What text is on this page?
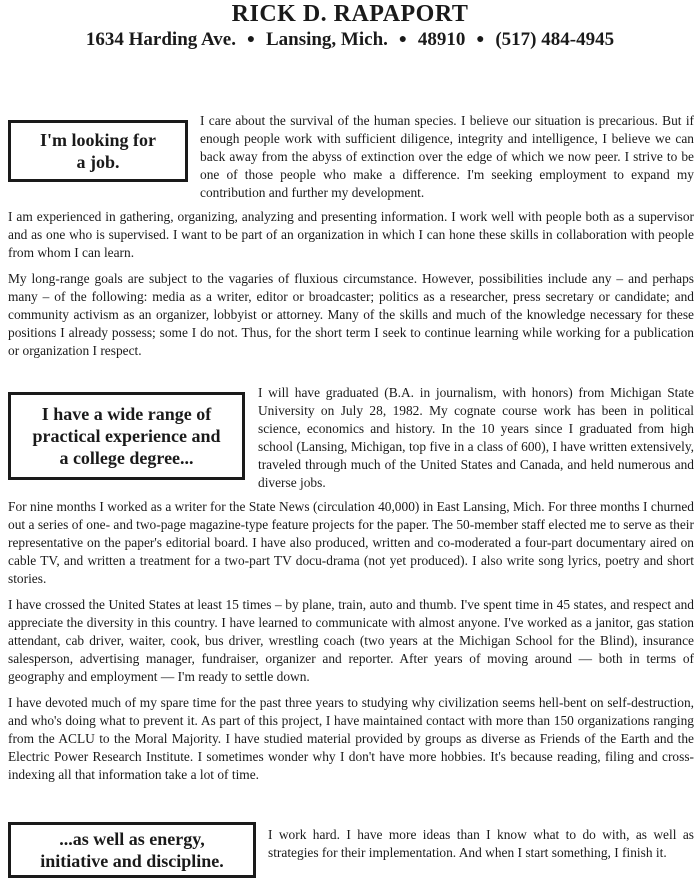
RICK D. RAPAPORT
1634 Harding Ave. ● Lansing, Mich. ● 48910 ● (517) 484-4945
I'm looking for a job.
I care about the survival of the human species. I believe our situation is precarious. But if enough people work with sufficient diligence, integrity and intelligence, I believe we can back away from the abyss of extinction over the edge of which we now peer. I strive to be one of those people who make a difference. I'm seeking employment to expand my contribution and further my development.

I am experienced in gathering, organizing, analyzing and presenting information. I work well with people both as a supervisor and as one who is supervised. I want to be part of an organization in which I can hone these skills in collaboration with people from whom I can learn.

My long-range goals are subject to the vagaries of fluxious circumstance. However, possibilities include any – and perhaps many – of the following: media as a writer, editor or broadcaster; politics as a researcher, press secretary or candidate; and community activism as an organizer, lobbyist or attorney. Many of the skills and much of the knowledge necessary for these positions I already possess; some I do not. Thus, for the short term I seek to continue learning while working for a publication or organization I respect.

I have a wide range of practical experience and a college degree...
I will have graduated (B.A. in journalism, with honors) from Michigan State University on July 28, 1982. My cognate course work has been in political science, economics and history. In the 10 years since I graduated from high school (Lansing, Michigan, top five in a class of 600), I have written extensively, traveled through much of the United States and Canada, and held numerous and diverse jobs.

For nine months I worked as a writer for the State News (circulation 40,000) in East Lansing, Mich. For three months I churned out a series of one- and two-page magazine-type feature projects for the paper. The 50-member staff elected me to serve as their representative on the paper's editorial board. I have also produced, written and co-moderated a four-part documentary aired on cable TV, and written a treatment for a two-part TV docu-drama (not yet produced). I also write song lyrics, poetry and short stories.

I have crossed the United States at least 15 times – by plane, train, auto and thumb. I've spent time in 45 states, and respect and appreciate the diversity in this country. I have learned to communicate with almost anyone. I've worked as a janitor, gas station attendant, cab driver, waiter, cook, bus driver, wrestling coach (two years at the Michigan School for the Blind), insurance salesperson, advertising manager, fundraiser, organizer and reporter. After years of moving around — both in terms of geography and employment — I'm ready to settle down.

I have devoted much of my spare time for the past three years to studying why civilization seems hell-bent on self-destruction, and who's doing what to prevent it. As part of this project, I have maintained contact with more than 150 organizations ranging from the ACLU to the Moral Majority. I have studied material provided by groups as diverse as Friends of the Earth and the Electric Power Research Institute. I sometimes wonder why I don't have more hobbies. It's because reading, filing and cross-indexing all that information take a lot of time.

...as well as energy, initiative and discipline.
I work hard. I have more ideas than I know what to do with, as well as strategies for their implementation. And when I start something, I finish it.
